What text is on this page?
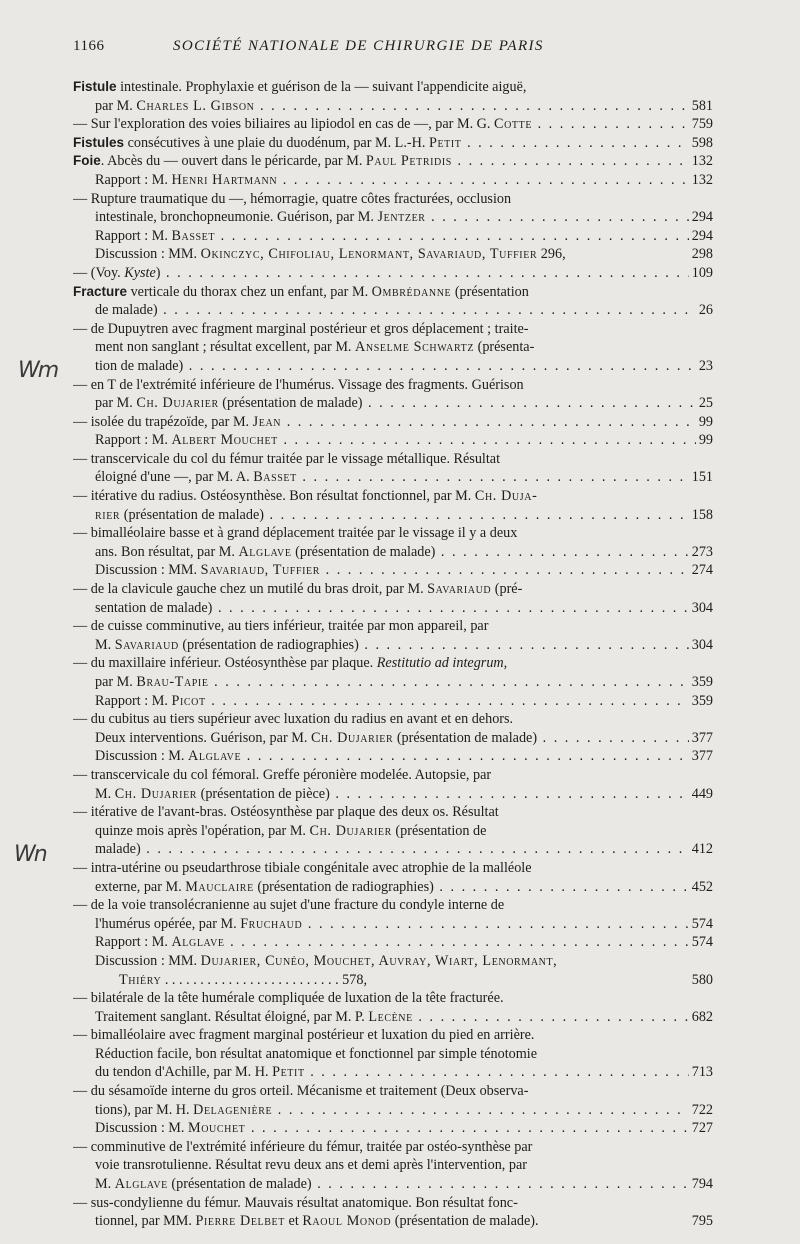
1166	SOCIÉTÉ NATIONALE DE CHIRURGIE DE PARIS
Wm
Wn
Fistule intestinale. Prophylaxie et guérison de la — suivant l'appendicite aiguë,
par M. Charles L. Gibson . . .	581
— Sur l'exploration des voies biliaires au lipiodol en cas de —, par M. G. Cotte . . .	759
Fistules consécutives à une plaie du duodénum, par M. L.-H. Petit . . .	598
Foie. Abcès du — ouvert dans le péricarde, par M. Paul Petridis . . .	132
Rapport : M. Henri Hartmann . . .	132
— Rupture traumatique du —, hémorragie, quatre côtes fracturées, occlusion
intestinale, bronchopneumonie. Guérison, par M. Jentzer . . .	294
Rapport : M. Basset . . .	294
Discussion : MM. Okinczyc, Chifoliau, Lenormant, Savariaud, Tuffier 296,	298
— (Voy. Kyste) . . .	109
Fracture verticale du thorax chez un enfant, par M. Ombrédanne (présentation
de malade) . . .	26
— de Dupuytren avec fragment marginal postérieur et gros déplacement ; traite-
ment non sanglant ; résultat excellent, par M. Anselme Schwartz (présenta-
tion de malade) . . .	23
— en T de l'extrémité inférieure de l'humérus. Vissage des fragments. Guérison
par M. Ch. Dujarier (présentation de malade) . . .	25
— isolée du trapézoïde, par M. Jean . . .	99
Rapport : M. Albert Mouchet . . .	99
— transcervicale du col du fémur traitée par le vissage métallique. Résultat
éloigné d'une —, par M. A. Basset . . .	151
— itérative du radius. Ostéosynthèse. Bon résultat fonctionnel, par M. Ch. Duja-
rier (présentation de malade) . . .	158
— bimalléolaire basse et à grand déplacement traitée par le vissage il y a deux
ans. Bon résultat, par M. Alglave (présentation de malade) . . .	273
Discussion : MM. Savariaud, Tuffier . . .	274
— de la clavicule gauche chez un mutilé du bras droit, par M. Savariaud (pré-
sentation de malade) . . .	304
— de cuisse comminutive, au tiers inférieur, traitée par mon appareil, par
M. Savariaud (présentation de radiographies) . . .	304
— du maxillaire inférieur. Ostéosynthèse par plaque. Restitutio ad integrum,
par M. Brau-Tapie . . .	359
Rapport : M. Picot . . .	359
— du cubitus au tiers supérieur avec luxation du radius en avant et en dehors.
Deux interventions. Guérison, par M. Ch. Dujarier (présentation de malade) . . .	377
Discussion : M. Alglave . . .	377
— transcervicale du col fémoral. Greffe péronière modelée. Autopsie, par
M. Ch. Dujarier (présentation de pièce) . . .	449
— itérative de l'avant-bras. Ostéosynthèse par plaque des deux os. Résultat
quinze mois après l'opération, par M. Ch. Dujarier (présentation de
malade) . . .	412
— intra-utérine ou pseudarthrose tibiale congénitale avec atrophie de la malléole
externe, par M. Mauclaire (présentation de radiographies) . . .	452
— de la voie transolécranienne au sujet d'une fracture du condyle interne de
l'humérus opérée, par M. Fruchaud . . .	574
Rapport : M. Alglave . . .	574
Discussion : MM. Dujarier, Cunéo, Mouchet, Auvray, Wiart, Lenormant,
Thiéry . . . . . . . . . . . . . . . . . . . . . . . . . 578,	580
— bilatérale de la tête humérale compliquée de luxation de la tête fracturée.
Traitement sanglant. Résultat éloigné, par M. P. Lecène . . .	682
— bimalléolaire avec fragment marginal postérieur et luxation du pied en arrière.
Réduction facile, bon résultat anatomique et fonctionnel par simple ténotomie
du tendon d'Achille, par M. H. Petit . . .	713
— du sésamoïde interne du gros orteil. Mécanisme et traitement (Deux observa-
tions), par M. H. Delagenière . . .	722
Discussion : M. Mouchet . . .	727
— comminutive de l'extrémité inférieure du fémur, traitée par ostéo-synthèse par
voie transrotulienne. Résultat revu deux ans et demi après l'intervention, par
M. Alglave (présentation de malade) . . .	794
— sus-condylienne du fémur. Mauvais résultat anatomique. Bon résultat fonc-
tionnel, par MM. Pierre Delbet et Raoul Monod (présentation de malade).	795
